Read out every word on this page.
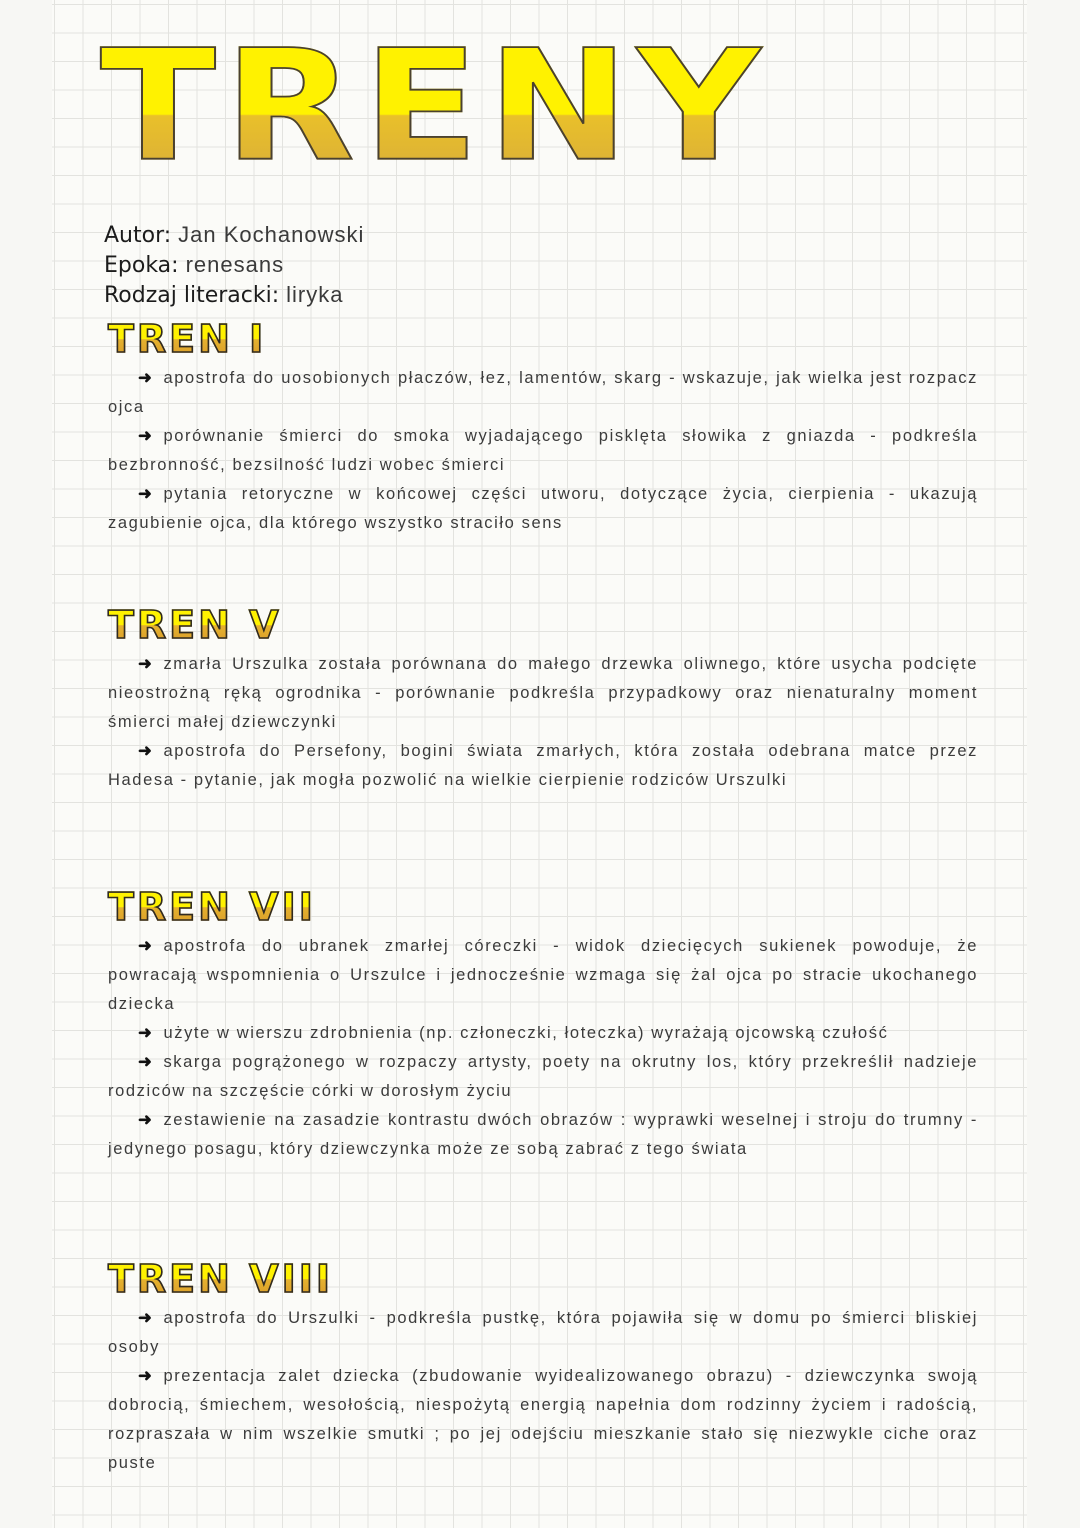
TRENY
Autor: Jan Kochanowski
Epoka: renesans
Rodzaj literacki: liryka
TREN I

➜ apostrofa do uosobionych płaczów, łez, lamentów, skarg - wskazuje, jak wielka jest rozpacz ojca

➜ porównanie śmierci do smoka wyjadającego pisklęta słowika z gniazda - podkreśla bezbronność, bezsilność ludzi wobec śmierci

➜ pytania retoryczne w końcowej części utworu, dotyczące życia, cierpienia - ukazują zagubienie ojca, dla którego wszystko straciło sens

TREN V

➜ zmarła Urszulka została porównana do małego drzewka oliwnego, które usycha podcięte nieostrożną ręką ogrodnika - porównanie podkreśla przypadkowy oraz nienaturalny moment śmierci małej dziewczynki

➜ apostrofa do Persefony, bogini świata zmarłych, która została odebrana matce przez Hadesa - pytanie, jak mogła pozwolić na wielkie cierpienie rodziców Urszulki

TREN VII

➜ apostrofa do ubranek zmarłej córeczki - widok dziecięcych sukienek powoduje, że powracają wspomnienia o Urszulce i jednocześnie wzmaga się żal ojca po stracie ukochanego dziecka

➜ użyte w wierszu zdrobnienia (np. członeczki, łoteczka) wyrażają ojcowską czułość

➜ skarga pogrążonego w rozpaczy artysty, poety na okrutny los, który przekreślił nadzieje rodziców na szczęście córki w dorosłym życiu

➜ zestawienie na zasadzie kontrastu dwóch obrazów : wyprawki weselnej i stroju do trumny - jedynego posagu, który dziewczynka może ze sobą zabrać z tego świata

TREN VIII

➜ apostrofa do Urszulki - podkreśla pustkę, która pojawiła się w domu po śmierci bliskiej osoby

➜ prezentacja zalet dziecka (zbudowanie wyidealizowanego obrazu) - dziewczynka swoją dobrocią, śmiechem, wesołością, niespożytą energią napełnia dom rodzinny życiem i radością, rozpraszała w nim wszelkie smutki ; po jej odejściu mieszkanie stało się niezwykle ciche oraz puste
